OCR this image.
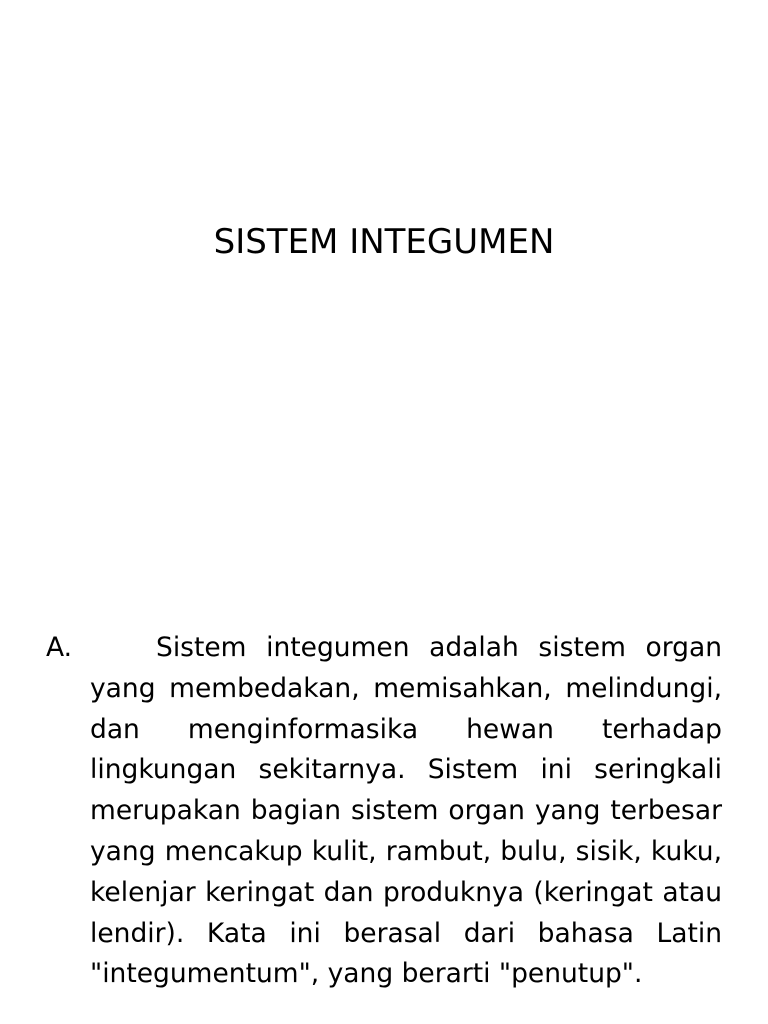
SISTEM INTEGUMEN
A.	Sistem integumen adalah sistem organ yang membedakan, memisahkan, melindungi, dan menginformasika hewan terhadap lingkungan sekitarnya. Sistem ini seringkali merupakan bagian sistem organ yang terbesar yang mencakup kulit, rambut, bulu, sisik, kuku, kelenjar keringat dan produknya (keringat atau lendir). Kata ini berasal dari bahasa Latin "integumentum", yang berarti "penutup".
